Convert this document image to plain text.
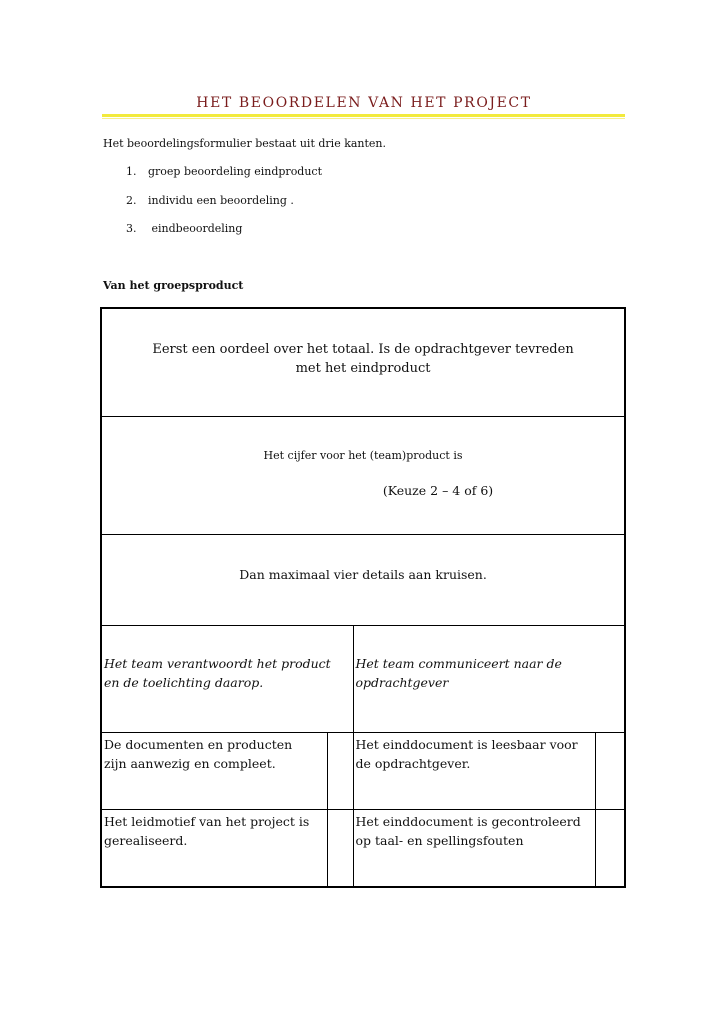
HET BEOORDELEN VAN HET PROJECT
Het beoordelingsformulier bestaat uit drie kanten.
1. groep beoordeling eindproduct
2. individu een beoordeling .
3. eindbeoordeling
Van het groepsproduct
Eerst een oordeel over het totaal. Is de opdrachtgever tevreden met het eindproduct			

Het cijfer voor het (team)product is
(Keuze 2 – 4 of 6)			

Dan maximaal vier details aan kruisen.			

Het team verantwoordt het product en de toelichting daarop.		Het team communiceert naar de opdrachtgever	

De documenten en producten zijn aanwezig en compleet.		Het einddocument is leesbaar voor de opdrachtgever.	

Het leidmotief van het project is gerealiseerd.		Het einddocument is gecontroleerd op taal- en spellingsfouten	
